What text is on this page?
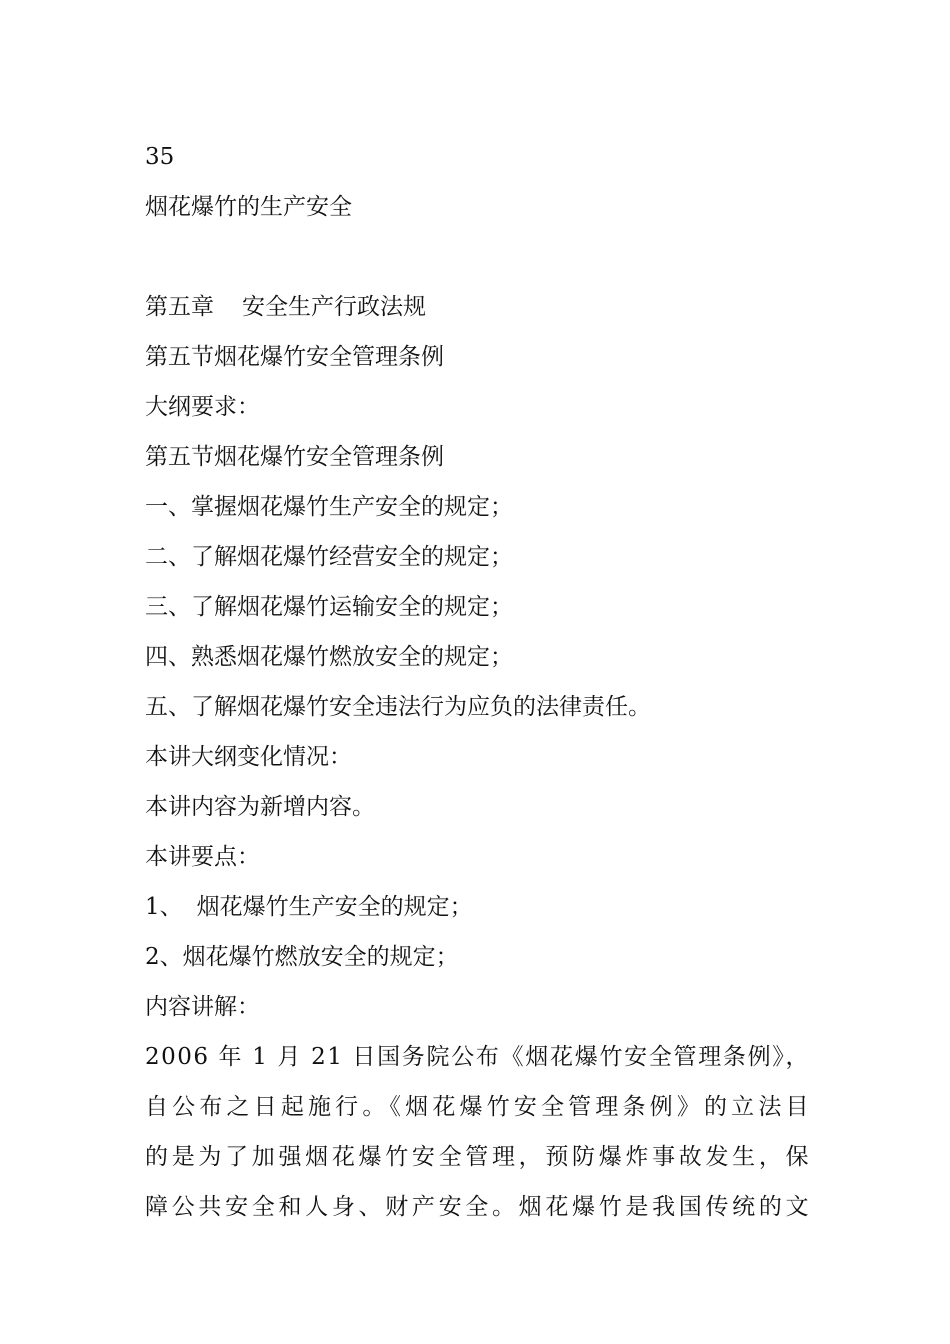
35

烟花爆竹的生产安全

第五章 安全生产行政法规

第五节烟花爆竹安全管理条例

大纲要求：

第五节烟花爆竹安全管理条例

一、掌握烟花爆竹生产安全的规定；

二、了解烟花爆竹经营安全的规定；

三、了解烟花爆竹运输安全的规定；

四、熟悉烟花爆竹燃放安全的规定；

五、了解烟花爆竹安全违法行为应负的法律责任。

本讲大纲变化情况：

本讲内容为新增内容。

本讲要点：

1、 烟花爆竹生产安全的规定；

2、烟花爆竹燃放安全的规定；

内容讲解：

2006 年 1 月 21 日国务院公布《烟花爆竹安全管理条例》，
自公布之日起施行。《烟花爆竹安全管理条例》的立法目
的是为了加强烟花爆竹安全管理，预防爆炸事故发生，保
障公共安全和人身、财产安全。烟花爆竹是我国传统的文
